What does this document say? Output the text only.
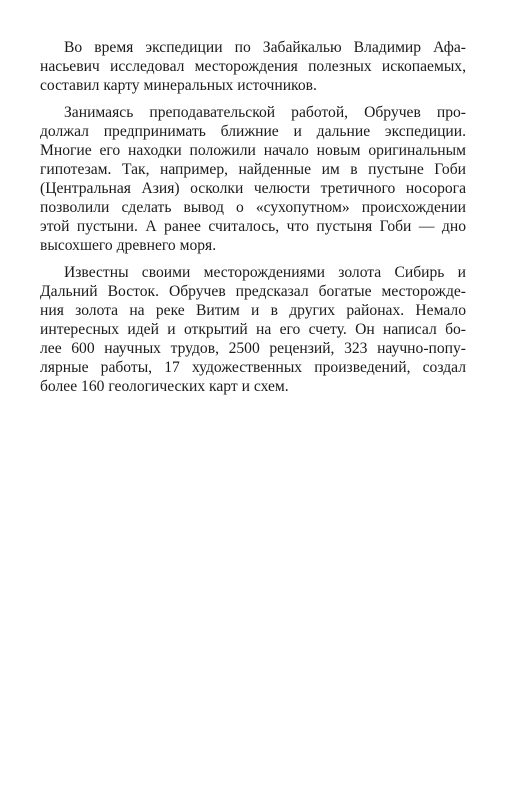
Во время экспедиции по Забайкалью Владимир Афа-
насьевич исследовал месторождения полезных ископаемых,
составил карту минеральных источников.

Занимаясь преподавательской работой, Обручев про-
должал предпринимать ближние и дальние экспедиции.
Многие его находки положили начало новым оригинальным
гипотезам. Так, например, найденные им в пустыне Гоби
(Центральная Азия) осколки челюсти третичного носорога
позволили сделать вывод о «сухопутном» происхождении
этой пустыни. А ранее считалось, что пустыня Гоби — дно
высохшего древнего моря.

Известны своими месторождениями золота Сибирь и
Дальний Восток. Обручев предсказал богатые месторожде-
ния золота на реке Витим и в других районах. Немало
интересных идей и открытий на его счету. Он написал бо-
лее 600 научных трудов, 2500 рецензий, 323 научно-попу-
лярные работы, 17 художественных произведений, создал
более 160 геологических карт и схем.
